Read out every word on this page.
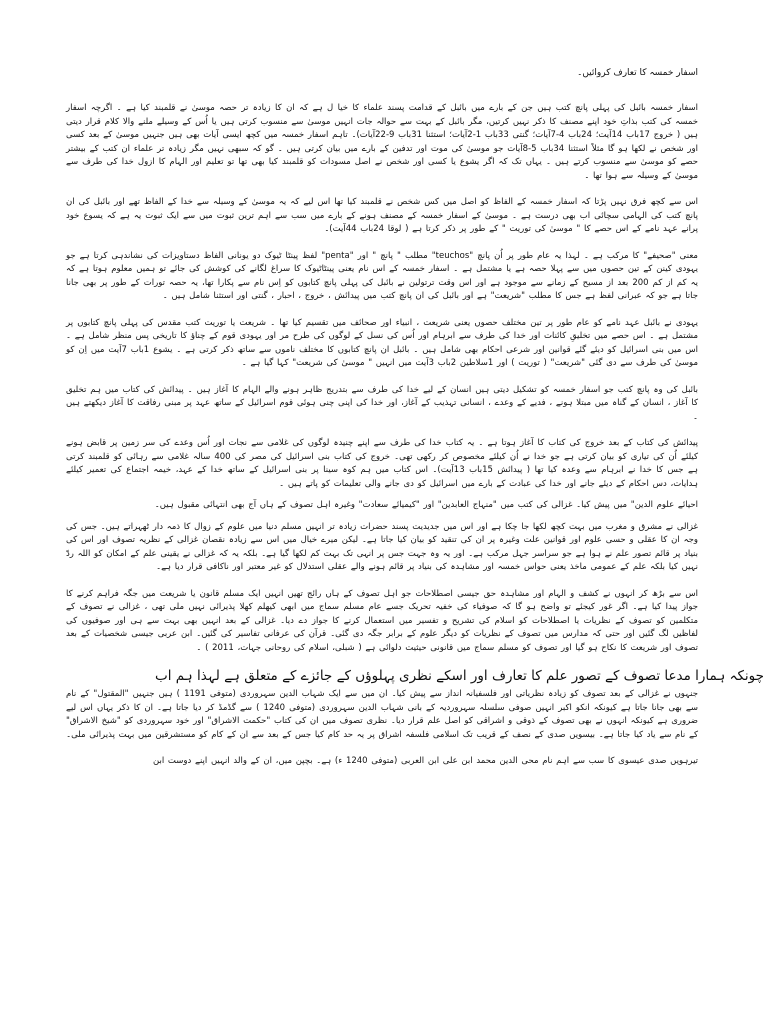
اسفار خمسہ کا تعارف کروائیں۔
اسفار خمسہ بائبل کی پہلی پانچ کتب ہیں جن کے بارے میں بائبل کے قدامت پسند علماء کا خیا ل ہے کہ ان کا زیادہ تر حصہ موسیٰ نے قلمبند کیا ہے ۔ اگرچہ اسفار خمسہ کی کتب بذاتِ خود اپنے مصنف کا ذکر نہیں کرتیں، مگر بائبل کے بہت سے حوالہ جات انہیں موسیٰ سے منسوب کرتی ہیں یا اُس کے وسیلے ملنے والا کلام قرار دیتی ہیں ( خروج 17باب 14آیت؛ 24باب 4-7آیات؛ گنتی 33باب 1-2آیات؛ استثنا 31باب 9-22آیات)۔ تاہم اسفار خمسہ میں کچھ ایسی آیات بھی ہیں جنہیں موسیٰ کے بعد کسی اور شخص نے لکھا ہو گا مثلاً استثنا 34باب 5-8آیات جو موسیٰ کی موت اور تدفین کے بارے میں بیان کرتی ہیں ۔ گو کہ سبھی نہیں مگر زیادہ تر علماء ان کتب کے بیشتر حصے کو موسیٰ سے منسوب کرتے ہیں ۔ یہاں تک کہ اگر یشوع یا کسی اور شخص نے اصل مسودات کو قلمبند کیا بھی تھا تو تعلیم اور الہام کا ازول خدا کی طرف سے موسیٰ کے وسیلہ سے ہوا تھا ۔
اس سے کچھ فرق نہیں پڑتا کہ اسفار خمسہ کے الفاظ کو اصل میں کس شخص نے قلمبند کیا تھا اس لیے کہ یہ موسیٰ کے وسیلہ سے خدا کے الفاظ تھے اور بائبل کی ان پانچ کتب کی الہامی سچائی اب بھی درست ہے ۔ موسیٰ کے اسفار خمسہ کے مصنف ہونے کے بارے میں سب سے اہم ترین ثبوت میں سے ایک ثبوت یہ ہے کہ یسوع خود پرانے عہد نامے کے اس حصے کا " موسیٰ کی توریت " کے طور پر ذکر کرتا ہے ( لوقا 24باب 44آیت)۔
معنی "صحیفے" کا مرکب ہے ۔ لہذا یہ عام طور پر اُن پانچ "teuchos" مطلب " پانچ " اور "penta" لفظ پینٹا ٹیوک دو یونانی الفاظ دستاویزات کی نشاندہی کرتا ہے جو یہودی کینن کے تین حصوں میں سے پہلا حصہ ہے یا مشتمل ہے ۔ اسفار خمسہ کے اس نام یعنی پینٹاٹیوک کا سراغ لگانے کی کوشش کی جائے تو ہمیں معلوم ہوتا ہے کہ یہ کم از کم 200 بعد از مسیح کے زمانے سے موجود ہے اور اس وقت ترتولین نے بائبل کی پہلی پانچ کتابوں کو اِس نام سے پکارا تھا، یہ حصہ تورات کے طور پر بھی جانا جاتا ہے جو کہ عبرانی لفظ ہے جس کا مطلب "شریعت" ہے اور بائبل کی ان پانچ کتب میں پیدائش ، خروج ، احبار ، گنتی اور استثنا شامل ہیں ۔
یہودی نے بائبل عہد نامے کو عام طور پر تین مختلف حصوں یعنی شریعت ، انبیاء اور صحائف میں تقسیم کیا تھا ۔ شریعت یا توریت کتب مقدس کی پہلی پانچ کتابوں پر مشتمل ہے ۔ اس حصے میں تخلیقِ کائنات اور خدا کی طرف سے ابرہام اور اُس کی نسل کے لوگوں کی طرح مر اور یہودی قوم کے چناؤ کا تاریخی پس منظر شامل ہے ۔ اس میں بنی اسرائیل کو دیئے گئے قوانین اور شرعی احکام بھی شامل ہیں ۔ بائبل ان پانچ کتابوں کا مختلف ناموں سے ساتھ ذکر کرتی ہے ۔ یشوع 1باب 7آیت میں اِن کو موسیٰ کی طرف سے دی گئی "شریعت" ( توریت ) اور 1سلاطین 2باب 3آیت میں انہیں " موسیٰ کی شریعت" کہا گیا ہے ۔
بائبل کی وہ پانچ کتب جو اسفار خمسہ کو تشکیل دیتی ہیں انسان کے لیے خدا کی طرف سے بتدریج ظاہر ہونے والے الہام کا آغاز ہیں ۔ پیدائش کی کتاب میں ہم تخلیق کا آغاز ، انسان کے گناہ میں مبتلا ہونے ، فدیے کے وعدے ، انسانی تہذیب کے آغاز، اور خدا کی اپنی چنی ہوئی قوم اسرائیل کے ساتھ عہد پر مبنی رفاقت کا آغاز دیکھتے ہیں ۔
پیدائش کی کتاب کے بعد خروج کی کتاب کا آغاز ہوتا ہے ۔ یہ کتاب خدا کی طرف سے اپنے چنیدہ لوگوں کی غلامی سے نجات اور اُس وعدے کی سر زمین پر قابض ہونے کیلئے اُن کی تیاری کو بیان کرتی ہے جو خدا نے اُن کیلئے مخصوص کر رکھی تھی۔ خروج کی کتاب بنی اسرائیل کی مصر کی 400 سالہ غلامی سے رہائی کو قلمبند کرتی ہے جس کا خدا نے ابرہام سے وعدہ کیا تھا ( پیدائش 15باب 13آیت)۔ اس کتاب میں ہم کوہ سینا پر بنی اسرائیل کے ساتھ خدا کے عہد، خیمہ اجتماع کی تعمیر کیلئے ہدایات، دس احکام کے دیئے جانے اور خدا کی عبادت کے بارے میں اسرائیل کو دی جانے والی تعلیمات کو پاتے ہیں ۔
احیائے علوم الدین" میں پیش کیا۔ غزالی کی کتب میں "منہاج العابدین" اور "کیمیائے سعادت" وغیرہ اہل تصوف کے ہاں آج بھی انتہائی مقبول ہیں۔
غزالی نے مشرق و مغرب میں بہت کچھ لکھا جا چکا ہے اور اس میں جدیدیت پسند حضرات زیادہ تر انہیں مسلم دنیا میں علوم کے زوال کا ذمہ دار ٹھہراتے ہیں۔ جس کی وجہ ان کا عقلی و حسی علوم اور قوانین علت وغیرہ پر ان کی تنقید کو بیان کیا جاتا ہے۔ لیکن میرے خیال میں اس سے زیادہ نقصان غزالی کے نظریہ تصوف اور اس کی بنیاد پر قائم تصور علم نے ہوا ہے جو سراسر جہل مرکب ہے۔ اور یہ وہ جہت جس پر انہی تک بہت کم لکھا گیا ہے۔ بلکہ یہ کہ غزالی نے یقینی علم کے امکان کو اللہ ردّ نہیں کیا بلکہ علم کے عمومی ماخذ یعنی حواس خمسہ اور مشاہدہ کی بنیاد پر قائم ہونے والے عقلی استدلال کو غیر معتبر اور ناکافی قرار دیا ہے۔
اس سے بڑھ کر انہوں نے کشف و الہام اور مشاہدہ حق جیسی اصطلاحات جو اہل تصوف کے ہاں رائج تھیں انہیں ایک مسلم قانون یا شریعت میں جگہ فراہم کرنے کا جواز پیدا کیا ہے۔ اگر غور کیجئے تو واضح ہو گا کہ صوفیاء کی خفیہ تحریک جسے عام مسلم سماج میں ابھی کیھلم کھلا پذیرائی نہیں ملی تھی ، غزالی نے تصوف کے متکلمین کو تصوف کے نظریات یا اصطلاحات کو اسلام کی تشریح و تفسیر میں استعمال کرنے کا جواز دے دیا۔ غزالی کے بعد انہیں بھی بہت سے ہی اور صوفیوں کی لفاظیں لگ گئیں اور حتی کہ مدارس میں تصوف کے نظریات کو دیگر علوم کے برابر جگہ دی گئی۔ قرآن کی عرفانی تفاسیر کی گئیں۔ ابن عربی جیسی شخصیات کے بعد تصوف اور شریعت کا نکاح ہو گیا اور تصوف کو مسلم سماج میں قانونی حیثیت دلوائی ہے ( شبلی، اسلام کی روحانی جہات، 2011 ) ۔
چونکہ ہمارا مدعا تصوف کے تصور علم کا تعارف اور اسکے نظری پہلوؤں کے جائزے کے متعلق ہے لہذا ہم اب
جنہوں نے غزالی کے بعد تصوف کو زیادہ نظریاتی اور فلسفیانہ انداز سے پیش کیا۔ ان میں سے ایک شہاب الدین سہروردی (متوفی 1191 ) ہیں جنہیں "المقتول" کے نام سے بھی جانا جاتا ہے کیونکہ انکو اکبر انہیں صوفی سلسلہ سہروردیہ کے بانی شہاب الدین سہروردی (متوفی 1240 ) سے گڈمڈ کر دیا جاتا ہے۔ ان کا ذکر یہاں اس لیے ضروری ہے کیونکہ انہوں نے بھی تصوف کے ذوقی و اشراقی کو اصل علم قرار دیا۔ نظری تصوف میں ان کی کتاب "حکمت الاشراق" اور خود سہروردی کو "شیخ الاشراق" کے نام سے یاد کیا جاتا ہے۔ بیسویں صدی کے نصف کے قریب تک اسلامی فلسفہ اشراق پر یہ حد کام کیا جس کے بعد سے ان کے کام کو مستشرقین میں بہت پذیرائی ملی۔
تیرہویں صدی عیسوی کا سب سے اہم نام محی الدین محمد ابن علی ابن العربی (متوفی 1240 ء) ہے۔ بچپن میں، ان کے والد انہیں اپنے دوست ابن
